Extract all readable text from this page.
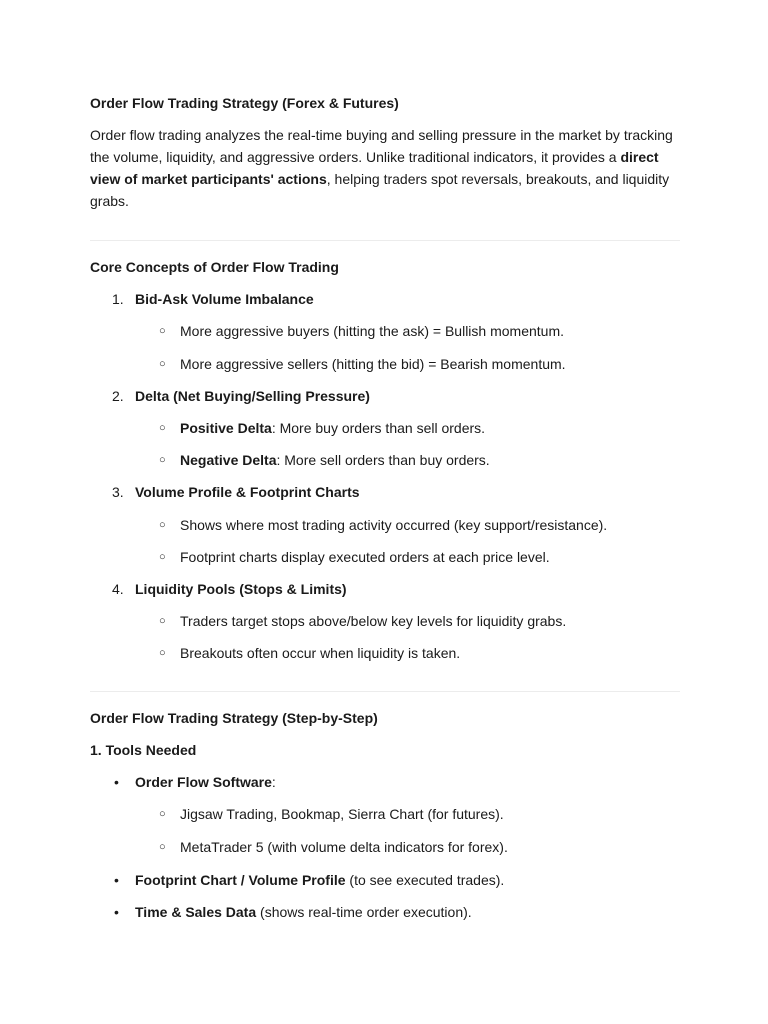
Order Flow Trading Strategy (Forex & Futures)

Order flow trading analyzes the real-time buying and selling pressure in the market by tracking the volume, liquidity, and aggressive orders. Unlike traditional indicators, it provides a direct view of market participants' actions, helping traders spot reversals, breakouts, and liquidity grabs.

Core Concepts of Order Flow Trading
1. Bid-Ask Volume Imbalance
○ More aggressive buyers (hitting the ask) = Bullish momentum.
○ More aggressive sellers (hitting the bid) = Bearish momentum.
2. Delta (Net Buying/Selling Pressure)
○ Positive Delta: More buy orders than sell orders.
○ Negative Delta: More sell orders than buy orders.
3. Volume Profile & Footprint Charts
○ Shows where most trading activity occurred (key support/resistance).
○ Footprint charts display executed orders at each price level.
4. Liquidity Pools (Stops & Limits)
○ Traders target stops above/below key levels for liquidity grabs.
○ Breakouts often occur when liquidity is taken.
Order Flow Trading Strategy (Step-by-Step)
1. Tools Needed
• Order Flow Software:
○ Jigsaw Trading, Bookmap, Sierra Chart (for futures).
○ MetaTrader 5 (with volume delta indicators for forex).
• Footprint Chart / Volume Profile (to see executed trades).
• Time & Sales Data (shows real-time order execution).
